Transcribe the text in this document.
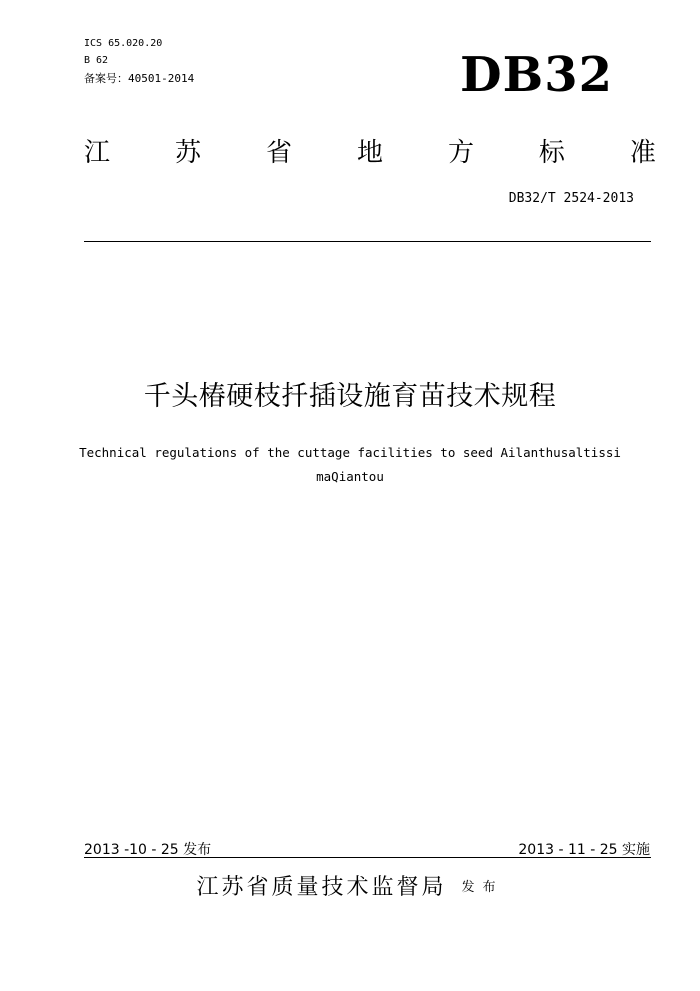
ICS 65.020.20
B 62
备案号：40501-2014	DB32
江 苏 省 地 方 标 准
DB32/T 2524-2013
千头椿硬枝扦插设施育苗技术规程
Technical regulations of the cuttage facilities to seed Ailanthusaltissi maQiantou
2013 -10 - 25 发布	2013 - 11 - 25 实施
江苏省质量技术监督局 发布
